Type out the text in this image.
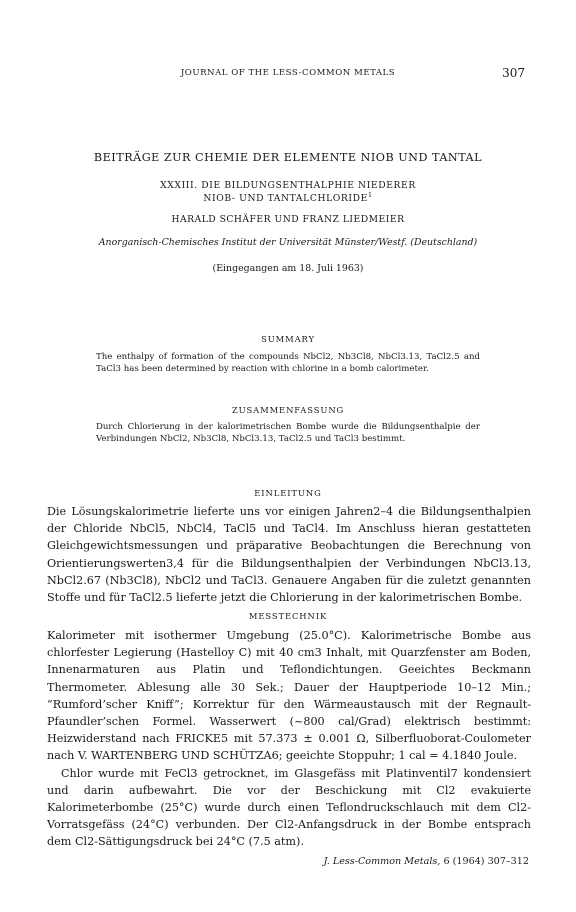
JOURNAL OF THE LESS-COMMON METALS	307
BEITRÄGE ZUR CHEMIE DER ELEMENTE NIOB UND TANTAL
XXXIII. DIE BILDUNGSENTHALPHIE NIEDERER
NIOB- UND TANTALCHLORIDE$^1$
HARALD SCHÄFER UND FRANZ LIEDMEIER
Anorganisch-Chemisches Institut der Universität Münster/Westf. (Deutschland)
(Eingegangen am 18. Juli 1963)
SUMMARY
The enthalpy of formation of the compounds NbCl2, Nb3Cl8, NbCl3.13, TaCl2.5 and TaCl3 has been determined by reaction with chlorine in a bomb calorimeter.
ZUSAMMENFASSUNG
Durch Chlorierung in der kalorimetrischen Bombe wurde die Bildungsenthalpie der Verbindungen NbCl2, Nb3Cl8, NbCl3.13, TaCl2.5 und TaCl3 bestimmt.
EINLEITUNG

Die Lösungskalorimetrie lieferte uns vor einigen Jahren2–4 die Bildungsenthalpien der Chloride NbCl5, NbCl4, TaCl5 und TaCl4. Im Anschluss hieran gestatteten Gleichgewichtsmessungen und präparative Beobachtungen die Berechnung von Orientierungswerten3,4 für die Bildungsenthalpien der Verbindungen NbCl3.13, NbCl2.67 (Nb3Cl8), NbCl2 und TaCl3. Genauere Angaben für die zuletzt genannten Stoffe und für TaCl2.5 lieferte jetzt die Chlorierung in der kalorimetrischen Bombe.

MESSTECHNIK

Kalorimeter mit isothermer Umgebung (25.0°C). Kalorimetrische Bombe aus chlorfester Legierung (Hastelloy C) mit 40 cm3 Inhalt, mit Quarzfenster am Boden, Innenarmaturen aus Platin und Teflondichtungen. Geeichtes Beckmann Thermometer. Ablesung alle 30 Sek.; Dauer der Hauptperiode 10–12 Min.; “Rumford’scher Kniff”; Korrektur für den Wärmeaustausch mit der Regnault-Pfaundler’schen Formel. Wasserwert (~800 cal/Grad) elektrisch bestimmt: Heizwiderstand nach FRICKE5 mit 57.373 ± 0.001 Ω, Silberfluoborat-Coulometer nach V. WARTENBERG UND SCHÜTZA6; geeichte Stoppuhr; 1 cal = 4.1840 Joule.

Chlor wurde mit FeCl3 getrocknet, im Glasgefäss mit Platinventil7 kondensiert und darin aufbewahrt. Die vor der Beschickung mit Cl2 evakuierte Kalorimeterbombe (25°C) wurde durch einen Teflondruckschlauch mit dem Cl2-Vorratsgefäss (24°C) verbunden. Der Cl2-Anfangsdruck in der Bombe entsprach dem Cl2-Sättigungsdruck bei 24°C (7.5 atm).

J. Less-Common Metals, 6 (1964) 307–312
